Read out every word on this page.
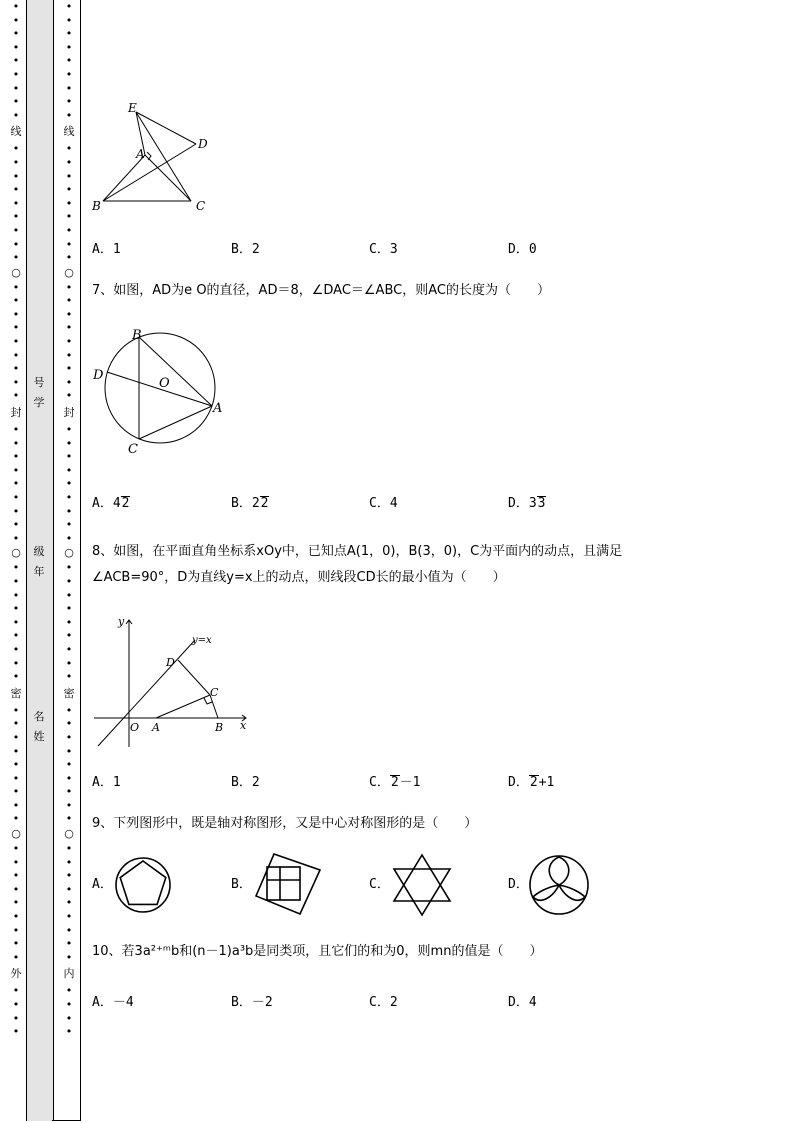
•
•
•
•
•
•
•
•
•
线
•
•
•
•
•
•
•
•
•
○
•
•
•
•
•
•
•
•
•
封
•
•
•
•
•
•
•
•
•
○
•
•
•
•
•
•
•
•
•
密
•
•
•
•
•
•
•
•
•
○
•
•
•
•
•
•
•
•
•
外
•
•
•
•
•
•
•
•
•
•
•
•
•
线
•
•
•
•
•
•
•
•
•
○
•
•
•
•
•
•
•
•
•
封
•
•
•
•
•
•
•
•
•
○
•
•
•
•
•
•
•
•
•
密
•
•
•
•
•
•
•
•
•
○
•
•
•
•
•
•
•
•
•
内
•
•
•
•
号
学
级
年
名
姓
E
A
D
B	C
A．1	B．2	C．3	D．0
7、如图，AD为e O的直径，AD＝8，∠DAC＝∠ABC，则AC的长度为（　　）
B
D
O
A
C
A．42	B．22	C．4	D．33
8、如图，在平面直角坐标系xOy中，已知点A(1，0)，B(3，0)，C为平面内的动点，且满足
∠ACB=90°，D为直线y=x上的动点，则线段CD长的最小值为（　　）
y
y=x
D
C
O A	B x
A．1	B．2	C．2－1	D．2+1
9、下列图形中，既是轴对称图形，又是中心对称图形的是（　　）
A．	B．	C．	D．
10、若3a²⁺ᵐb和(n－1)a³b是同类项，且它们的和为0，则mn的值是（　　）
A．－4	B．－2	C．2	D．4
